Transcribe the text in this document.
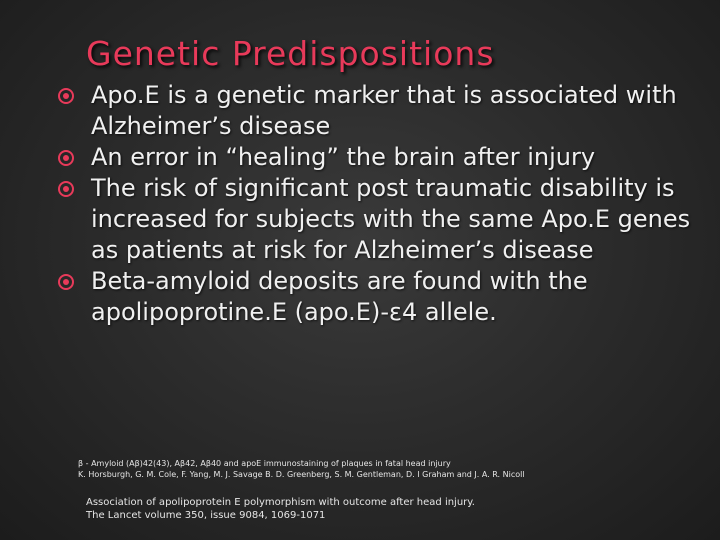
Genetic Predispositions
Apo.E is a genetic marker that is associated with Alzheimer’s disease
An error in “healing” the brain after injury
The risk of significant post traumatic disability is increased for subjects with the same Apo.E genes as patients at risk for Alzheimer’s disease
Beta-amyloid deposits are found with the apolipoprotine.E (apo.E)-ε4 allele.
β - Amyloid (Aβ)42(43), Aβ42, Aβ40 and apoE immunostaining of plaques in fatal head injury
K. Horsburgh, G. M. Cole, F. Yang, M. J. Savage B. D. Greenberg, S. M. Gentleman, D. I Graham and J. A. R. Nicoll
Association of apolipoprotein E polymorphism with outcome after head injury.
The Lancet volume 350, issue 9084, 1069-1071
